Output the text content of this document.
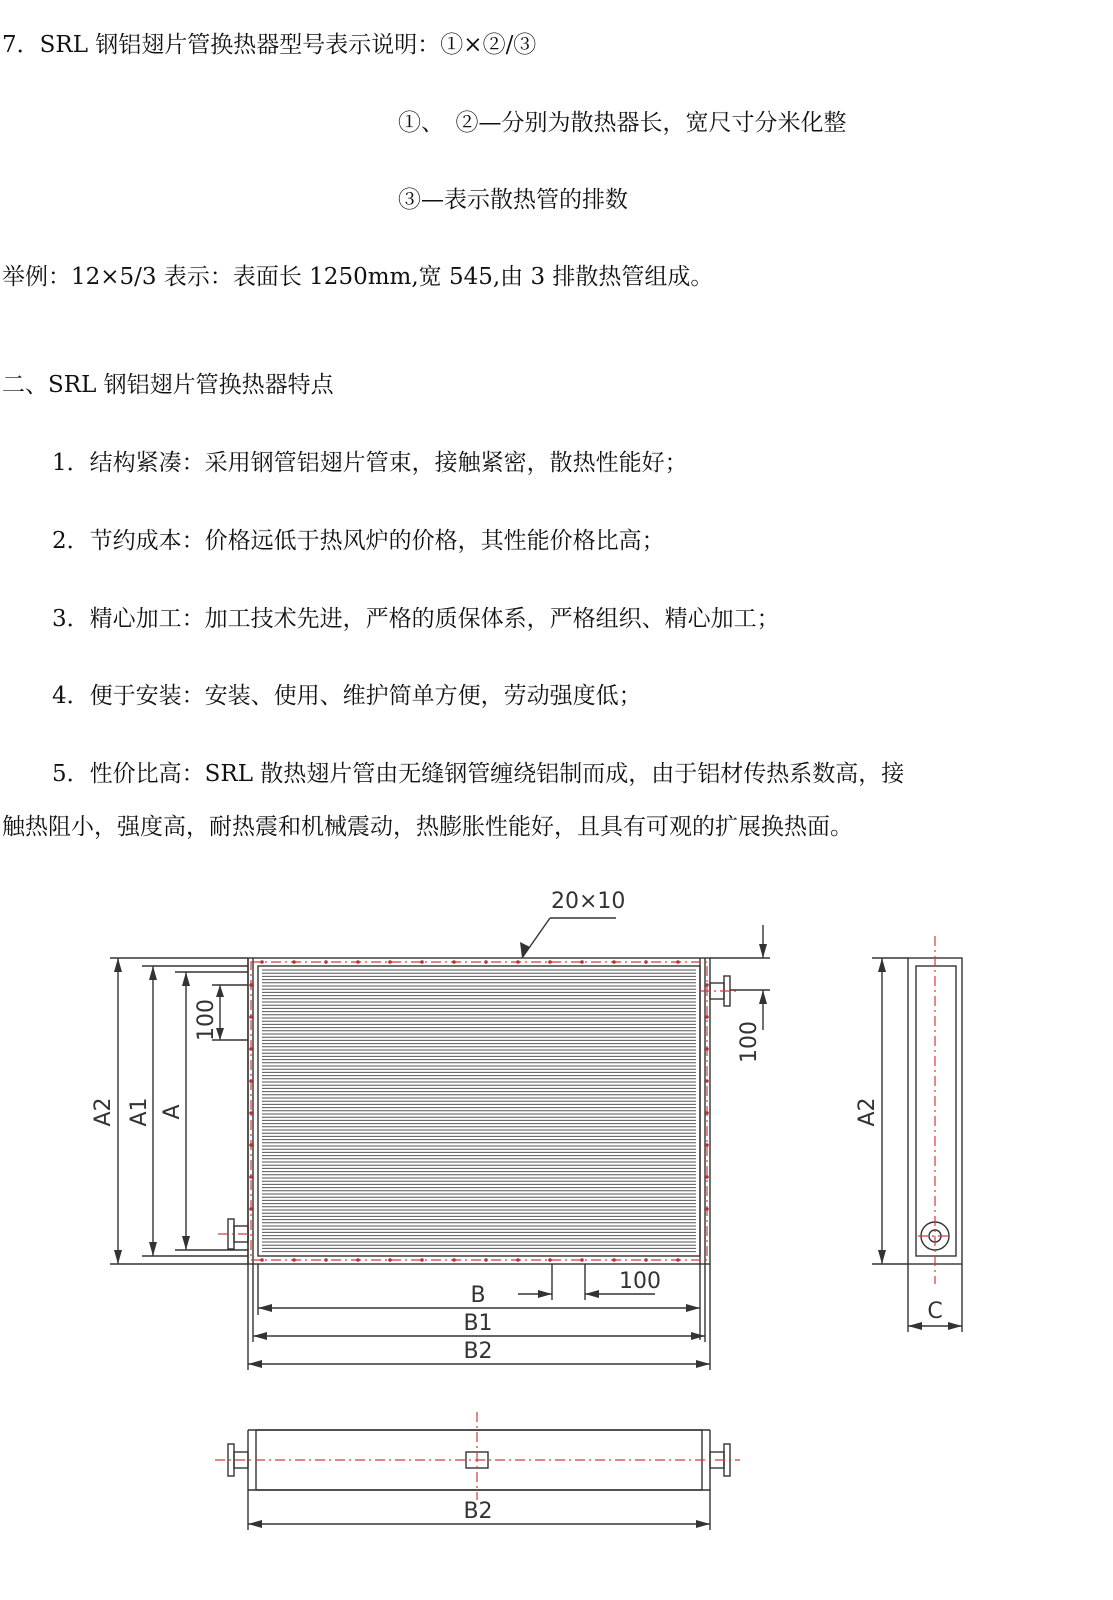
7．SRL 钢铝翅片管换热器型号表示说明：①×②/③
①、　②—分别为散热器长，宽尺寸分米化整
③—表示散热管的排数
举例：12×5/3 表示：表面长 1250mm,宽 545,由 3 排散热管组成。
二、SRL 钢铝翅片管换热器特点
1．结构紧凑：采用钢管铝翅片管束，接触紧密，散热性能好；
2．节约成本：价格远低于热风炉的价格，其性能价格比高；
3．精心加工：加工技术先进，严格的质保体系，严格组织、精心加工；
4．便于安装：安装、使用、维护简单方便，劳动强度低；
5．性价比高：SRL 散热翅片管由无缝钢管缠绕铝制而成，由于铝材传热系数高，接
触热阻小，强度高，耐热震和机械震动，热膨胀性能好，且具有可观的扩展换热面。
20×10
A2 A1 A
100
100
B
100
B1
B2
A2
C
B2
